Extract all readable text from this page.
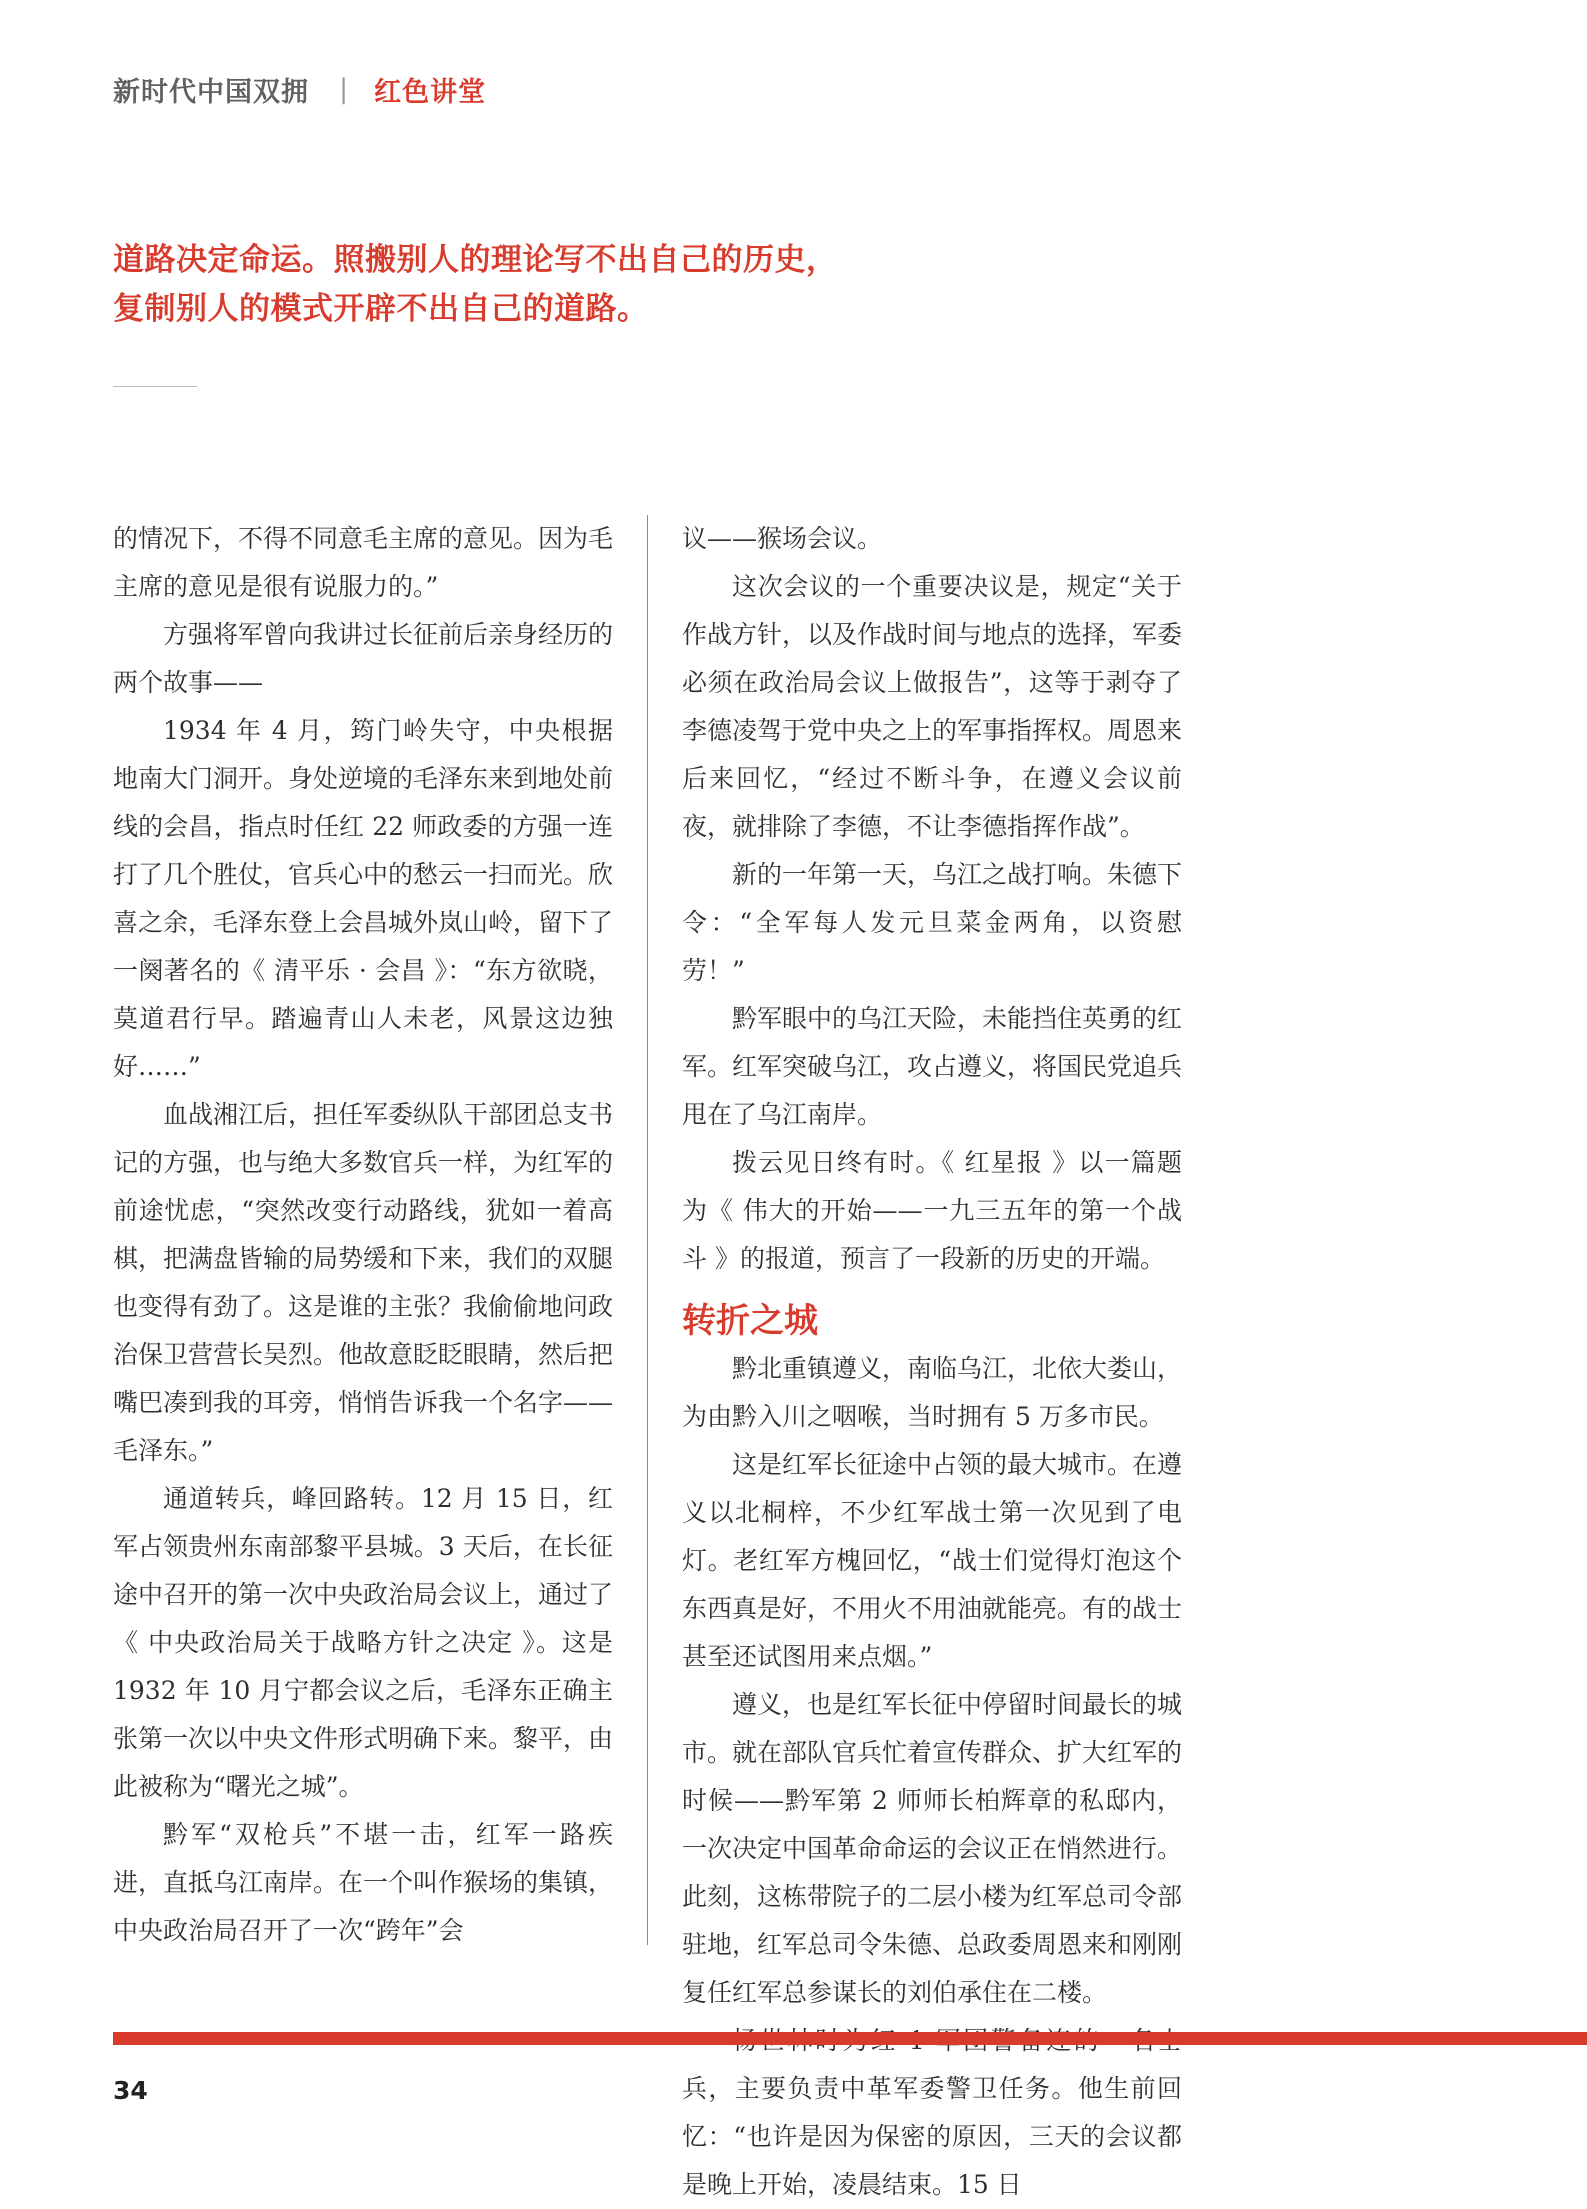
新时代中国双拥 | 红色讲堂
道路决定命运。照搬别人的理论写不出自己的历史，
复制别人的模式开辟不出自己的道路。

的情况下，不得不同意毛主席的意见。因为毛主席的意见是很有说服力的。”

方强将军曾向我讲过长征前后亲身经历的两个故事——

1934 年 4 月，筠门岭失守，中央根据地南大门洞开。身处逆境的毛泽东来到地处前线的会昌，指点时任红 22 师政委的方强一连打了几个胜仗，官兵心中的愁云一扫而光。欣喜之余，毛泽东登上会昌城外岚山岭，留下了一阕著名的《 清平乐 · 会昌 》：“东方欲晓，莫道君行早。踏遍青山人未老，风景这边独好……”

血战湘江后，担任军委纵队干部团总支书记的方强，也与绝大多数官兵一样，为红军的前途忧虑，“突然改变行动路线，犹如一着高棋，把满盘皆输的局势缓和下来，我们的双腿也变得有劲了。这是谁的主张？我偷偷地问政治保卫营营长吴烈。他故意眨眨眼睛，然后把嘴巴凑到我的耳旁，悄悄告诉我一个名字——毛泽东。”

通道转兵，峰回路转。12 月 15 日，红军占领贵州东南部黎平县城。3 天后，在长征途中召开的第一次中央政治局会议上，通过了《 中央政治局关于战略方针之决定 》。这是 1932 年 10 月宁都会议之后，毛泽东正确主张第一次以中央文件形式明确下来。黎平，由此被称为“曙光之城”。

黔军“双枪兵”不堪一击，红军一路疾进，直抵乌江南岸。在一个叫作猴场的集镇，中央政治局召开了一次“跨年”会

议——猴场会议。

这次会议的一个重要决议是，规定“关于作战方针，以及作战时间与地点的选择，军委必须在政治局会议上做报告”，这等于剥夺了李德凌驾于党中央之上的军事指挥权。周恩来后来回忆，“经过不断斗争，在遵义会议前夜，就排除了李德，不让李德指挥作战”。

新的一年第一天，乌江之战打响。朱德下令：“全军每人发元旦菜金两角，以资慰劳！”

黔军眼中的乌江天险，未能挡住英勇的红军。红军突破乌江，攻占遵义，将国民党追兵甩在了乌江南岸。

拨云见日终有时。《 红星报 》以一篇题为《 伟大的开始——一九三五年的第一个战斗 》的报道，预言了一段新的历史的开端。

转折之城

黔北重镇遵义，南临乌江，北依大娄山，为由黔入川之咽喉，当时拥有 5 万多市民。

这是红军长征途中占领的最大城市。在遵义以北桐梓，不少红军战士第一次见到了电灯。老红军方槐回忆，“战士们觉得灯泡这个东西真是好，不用火不用油就能亮。有的战士甚至还试图用来点烟。”

遵义，也是红军长征中停留时间最长的城市。就在部队官兵忙着宣传群众、扩大红军的时候——黔军第 2 师师长柏辉章的私邸内，一次决定中国革命命运的会议正在悄然进行。此刻，这栋带院子的二层小楼为红军总司令部驻地，红军总司令朱德、总政委周恩来和刚刚复任红军总参谋长的刘伯承住在二楼。

兵，主要负责中革军委警卫任务。他生前回忆：“也许是因为保密的原因，三天的会议都是晚上开始，凌晨结束。15 日

34
